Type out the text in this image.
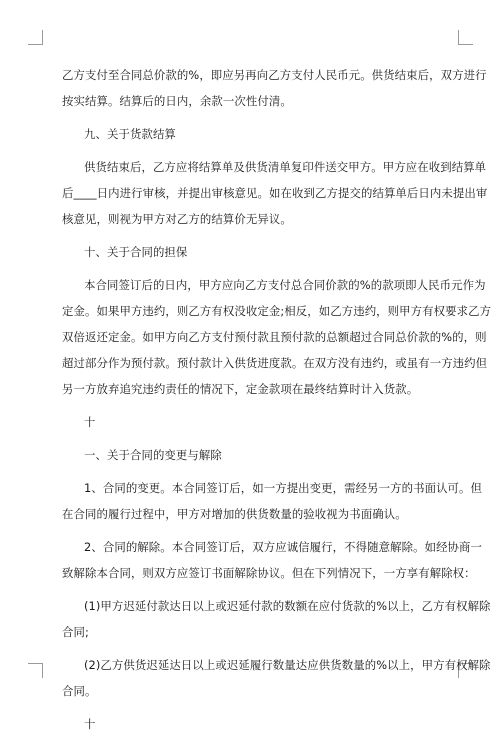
乙方支付至合同总价款的%，即应另再向乙方支付人民币元。供货结束后，双方进行
按实结算。结算后的日内，余款一次性付清。
九、关于货款结算
供货结束后，乙方应将结算单及供货清单复印件送交甲方。甲方应在收到结算单
后____日内进行审核，并提出审核意见。如在收到乙方提交的结算单后日内未提出审
核意见，则视为甲方对乙方的结算价无异议。
十、关于合同的担保
本合同签订后的日内，甲方应向乙方支付总合同价款的%的款项即人民币元作为
定金。如果甲方违约，则乙方有权没收定金;相反，如乙方违约，则甲方有权要求乙方
双倍返还定金。如甲方向乙方支付预付款且预付款的总额超过合同总价款的%的，则
超过部分作为预付款。预付款计入供货进度款。在双方没有违约，或虽有一方违约但
另一方放弃追究违约责任的情况下，定金款项在最终结算时计入货款。
十
一、关于合同的变更与解除
1、合同的变更。本合同签订后，如一方提出变更，需经另一方的书面认可。但
在合同的履行过程中，甲方对增加的供货数量的验收视为书面确认。
2、合同的解除。本合同签订后，双方应诚信履行，不得随意解除。如经协商一
致解除本合同，则双方应签订书面解除协议。但在下列情况下，一方享有解除权：
(1)甲方迟延付款达日以上或迟延付款的数额在应付货款的%以上，乙方有权解除
合同;
(2)乙方供货迟延达日以上或迟延履行数量达应供货数量的%以上，甲方有权解除
合同。
十
